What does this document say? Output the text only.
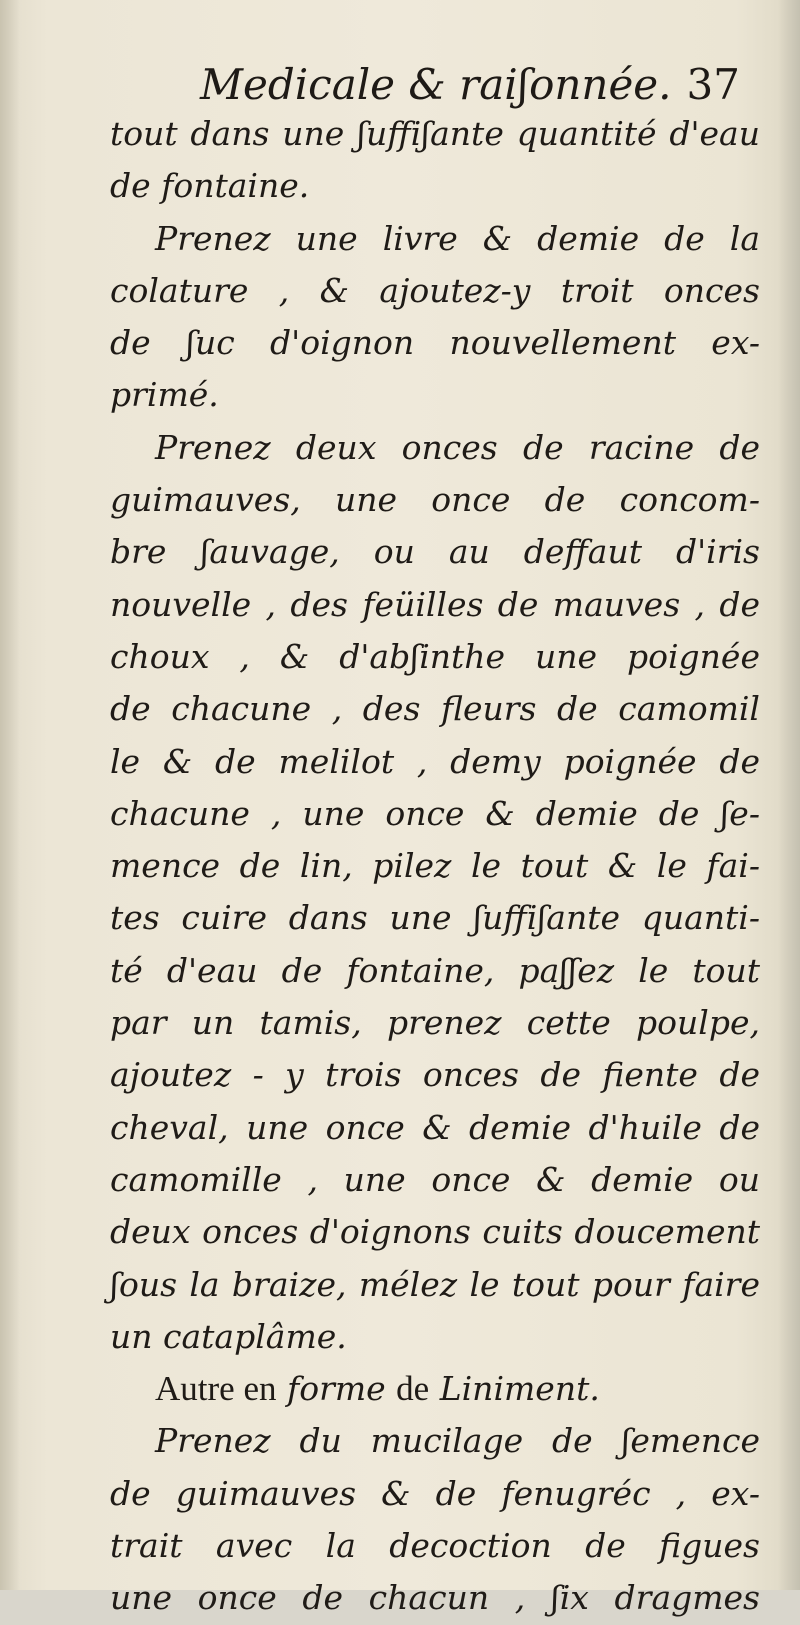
Medicale & raiʃonnée. 37
tout dans une ʃuffiʃante quantité d'eau
de fontaine.
Prenez une livre & demie de la
colature , & ajoutez-y troit onces
de ʃuc d'oignon nouvellement ex-
primé.
Prenez deux onces de racine de
guimauves, une once de concom-
bre ʃauvage, ou au deffaut d'iris
nouvelle , des feüilles de mauves , de
choux , & d'abʃinthe une poignée
de chacune , des fleurs de camomil
le & de melilot , demy poignée de
chacune , une once & demie de ʃe-
mence de lin, pilez le tout & le fai-
tes cuire dans une ʃuffiʃante quanti-
té d'eau de fontaine, paʃʃez le tout
par un tamis, prenez cette poulpe,
ajoutez - y trois onces de fiente de
cheval, une once & demie d'huile de
camomille , une once & demie ou
deux onces d'oignons cuits doucement
ʃous la braize, mélez le tout pour faire
un cataplâme.
Autre en forme de Liniment.
Prenez du mucilage de ʃemence
de guimauves & de fenugréc , ex-
trait avec la decoction de figues
une once de chacun , ʃix dragmes
